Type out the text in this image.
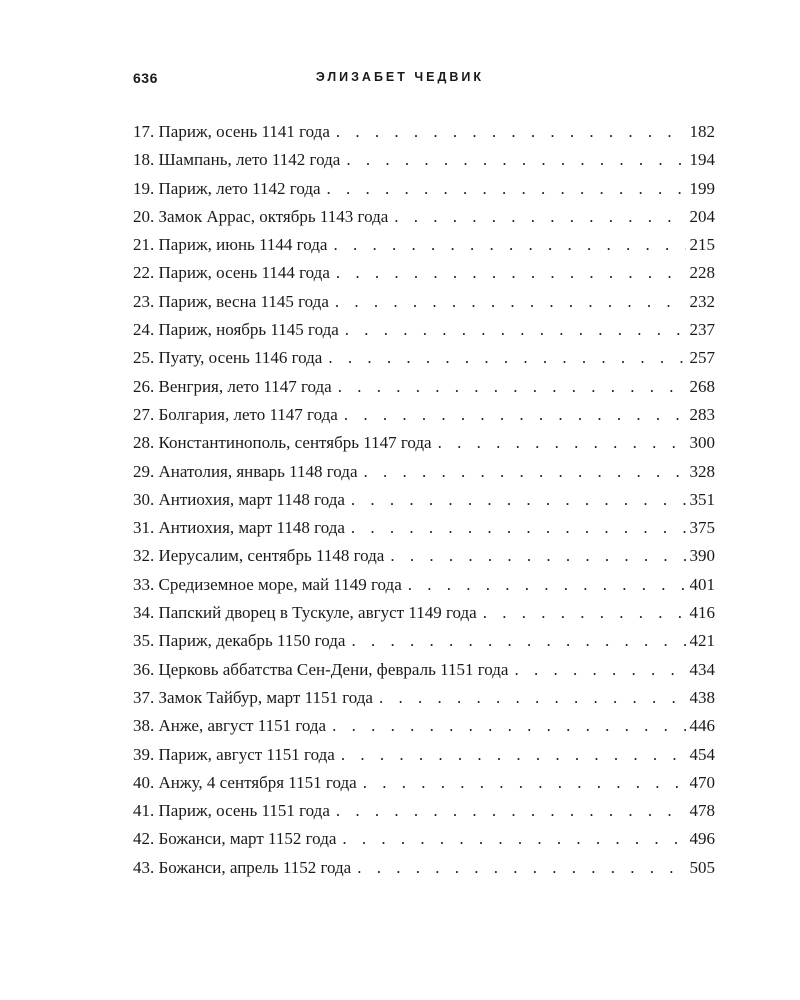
636	ЭЛИЗАБЕТ ЧЕДВИК
17. Париж, осень 1141 года . . .	182
18. Шампань, лето 1142 года . . .	194
19. Париж, лето 1142 года . . .	199
20. Замок Аррас, октябрь 1143 года . . .	204
21. Париж, июнь 1144 года . . .	215
22. Париж, осень 1144 года . . .	228
23. Париж, весна 1145 года . . .	232
24. Париж, ноябрь 1145 года . . .	237
25. Пуату, осень 1146 года . . .	257
26. Венгрия, лето 1147 года . . .	268
27. Болгария, лето 1147 года . . .	283
28. Константинополь, сентябрь 1147 года . . .	300
29. Анатолия, январь 1148 года . . .	328
30. Антиохия, март 1148 года . . .	351
31. Антиохия, март 1148 года . . .	375
32. Иерусалим, сентябрь 1148 года . . .	390
33. Средиземное море, май 1149 года . . .	401
34. Папский дворец в Тускуле, август 1149 года . . .	416
35. Париж, декабрь 1150 года . . .	421
36. Церковь аббатства Сен-Дени, февраль 1151 года . . .	434
37. Замок Тайбур, март 1151 года . . .	438
38. Анже, август 1151 года . . .	446
39. Париж, август 1151 года . . .	454
40. Анжу, 4 сентября 1151 года . . .	470
41. Париж, осень 1151 года . . .	478
42. Божанси, март 1152 года . . .	496
43. Божанси, апрель 1152 года . . .	505
